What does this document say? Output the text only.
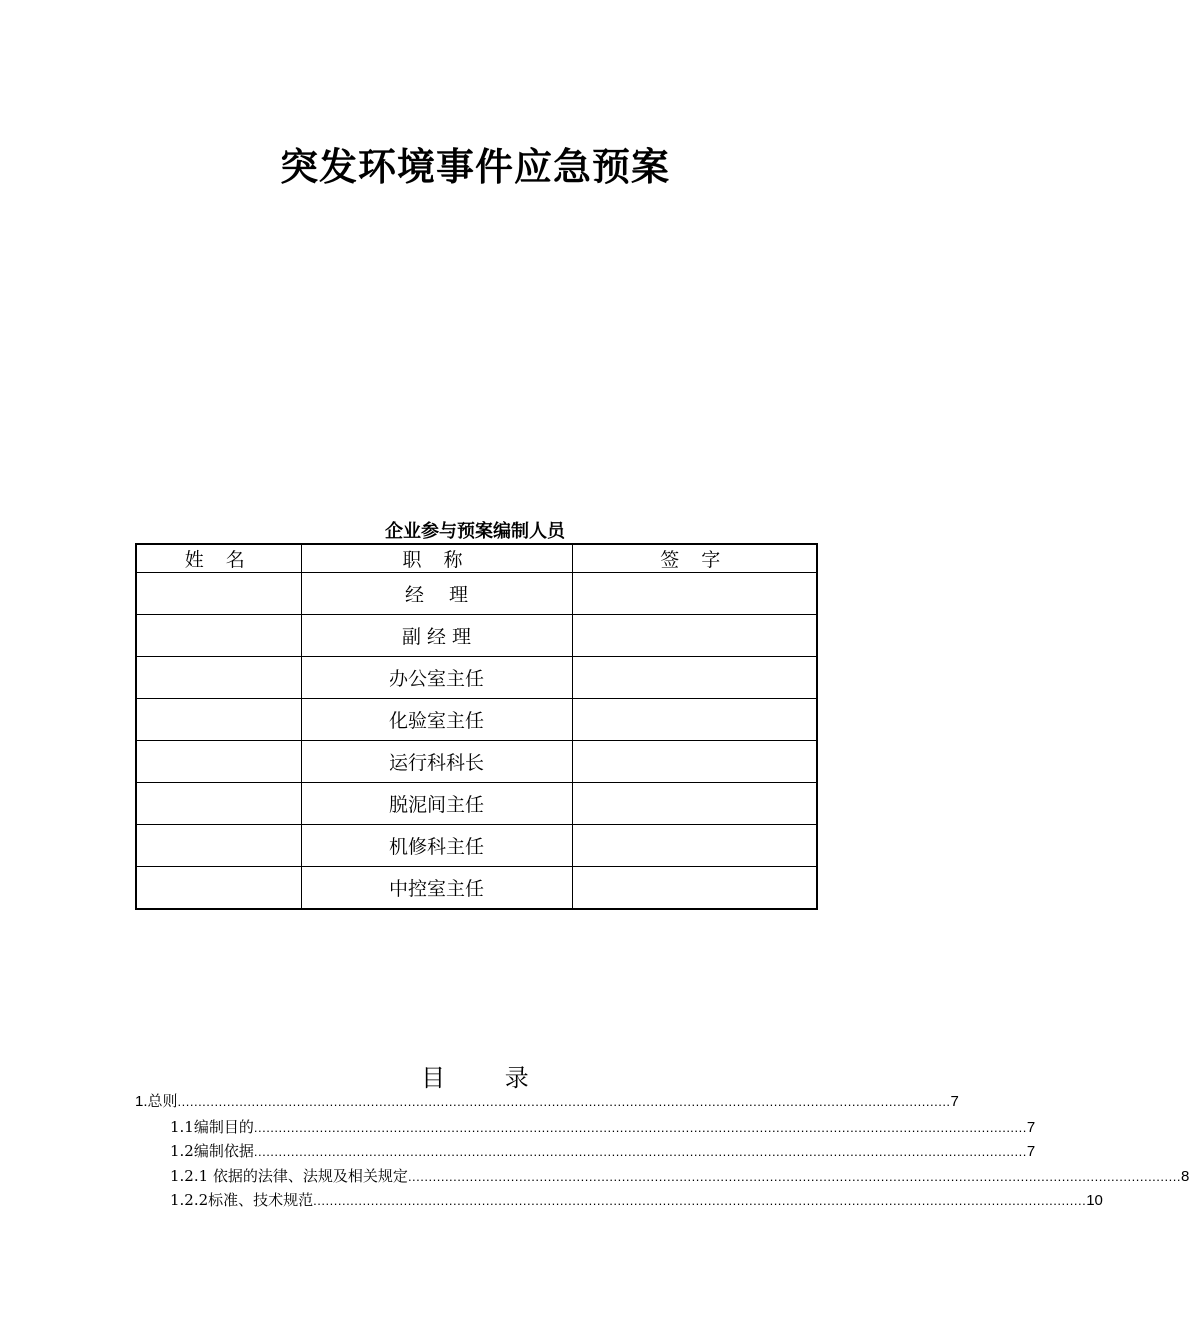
突发环境事件应急预案
企业参与预案编制人员
姓 名	职 称	签 字
	经　 理	
	副 经 理	
	办公室主任	
	化验室主任	
	运行科科长	
	脱泥间主任	
	机修科主任	
	中控室主任	
目 录
1.总则 ............................................................................................................................................................................................ 7
1.1编制目的 ............................................................................................................................................................................................ 7
1.2编制依据 ............................................................................................................................................................................................ 7
1.2.1 依据的法律、法规及相关规定 ............................................................................................................................................................................................ 8
1.2.2标准、技术规范 ............................................................................................................................................................................................ 10
